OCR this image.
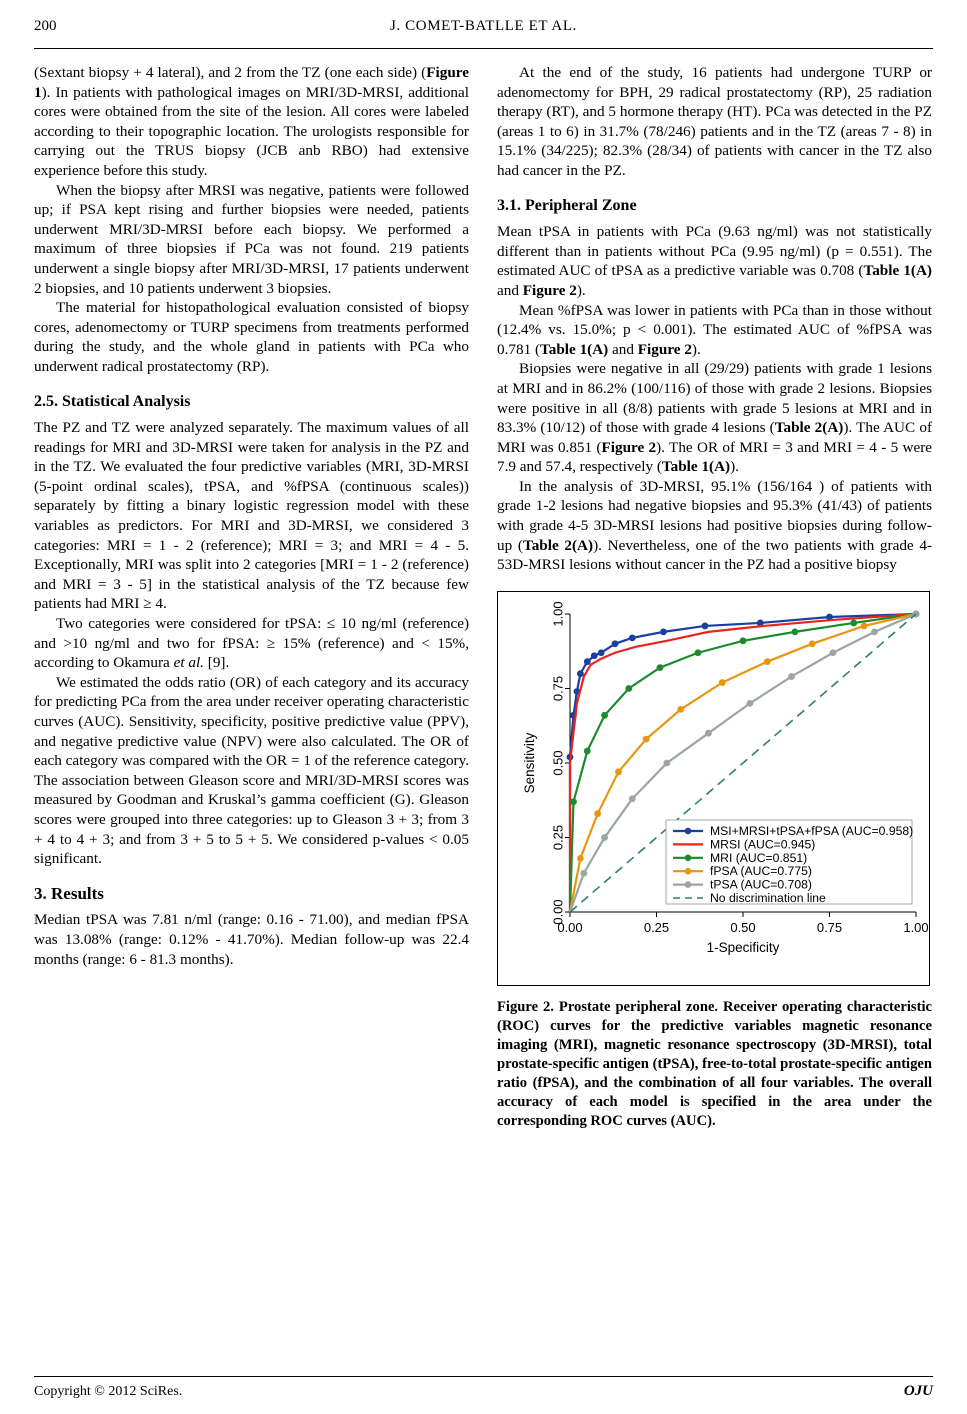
200	J. COMET-BATLLE ET AL.

(Sextant biopsy + 4 lateral), and 2 from the TZ (one each side) (Figure 1). In patients with pathological images on MRI/3D-MRSI, additional cores were obtained from the site of the lesion. All cores were labeled according to their topographic location. The urologists responsible for carrying out the TRUS biopsy (JCB anb RBO) had extensive experience before this study.

When the biopsy after MRSI was negative, patients were followed up; if PSA kept rising and further biopsies were needed, patients underwent MRI/3D-MRSI before each biopsy. We performed a maximum of three biopsies if PCa was not found. 219 patients underwent a single biopsy after MRI/3D-MRSI, 17 patients underwent 2 biopsies, and 10 patients underwent 3 biopsies.

The material for histopathological evaluation consisted of biopsy cores, adenomectomy or TURP specimens from treatments performed during the study, and the whole gland in patients with PCa who underwent radical prostatectomy (RP).

2.5. Statistical Analysis

The PZ and TZ were analyzed separately. The maximum values of all readings for MRI and 3D-MRSI were taken for analysis in the PZ and in the TZ. We evaluated the four predictive variables (MRI, 3D-MRSI (5-point ordinal scales), tPSA, and %fPSA (continuous scales)) separately by fitting a binary logistic regression model with these variables as predictors. For MRI and 3D-MRSI, we considered 3 categories: MRI = 1 - 2 (reference); MRI = 3; and MRI = 4 - 5. Exceptionally, MRI was split into 2 categories [MRI = 1 - 2 (reference) and MRI = 3 - 5] in the statistical analysis of the TZ because few patients had MRI ≥ 4.

Two categories were considered for tPSA: ≤ 10 ng/ml (reference) and >10 ng/ml and two for fPSA: ≥ 15% (reference) and < 15%, according to Okamura et al. [9].

We estimated the odds ratio (OR) of each category and its accuracy for predicting PCa from the area under receiver operating characteristic curves (AUC). Sensitivity, specificity, positive predictive value (PPV), and negative predictive value (NPV) were also calculated. The OR of each category was compared with the OR = 1 of the reference category. The association between Gleason score and MRI/3D-MRSI scores was measured by Goodman and Kruskal’s gamma coefficient (G). Gleason scores were grouped into three categories: up to Gleason 3 + 3; from 3 + 4 to 4 + 3; and from 3 + 5 to 5 + 5. We considered p-values < 0.05 significant.

3. Results

Median tPSA was 7.81 n/ml (range: 0.16 - 71.00), and median fPSA was 13.08% (range: 0.12% - 41.70%). Median follow-up was 22.4 months (range: 6 - 81.3 months).

At the end of the study, 16 patients had undergone TURP or adenomectomy for BPH, 29 radical prostatectomy (RP), 25 radiation therapy (RT), and 5 hormone therapy (HT). PCa was detected in the PZ (areas 1 to 6) in 31.7% (78/246) patients and in the TZ (areas 7 - 8) in 15.1% (34/225); 82.3% (28/34) of patients with cancer in the TZ also had cancer in the PZ.

3.1. Peripheral Zone

Mean tPSA in patients with PCa (9.63 ng/ml) was not statistically different than in patients without PCa (9.95 ng/ml) (p = 0.551). The estimated AUC of tPSA as a predictive variable was 0.708 (Table 1(A) and Figure 2).

Mean %fPSA was lower in patients with PCa than in those without (12.4% vs. 15.0%; p < 0.001). The estimated AUC of %fPSA was 0.781 (Table 1(A) and Figure 2).

Biopsies were negative in all (29/29) patients with grade 1 lesions at MRI and in 86.2% (100/116) of those with grade 2 lesions. Biopsies were positive in all (8/8) patients with grade 5 lesions at MRI and in 83.3% (10/12) of those with grade 4 lesions (Table 2(A)). The AUC of MRI was 0.851 (Figure 2). The OR of MRI = 3 and MRI = 4 - 5 were 7.9 and 57.4, respectively (Table 1(A)).

In the analysis of 3D-MRSI, 95.1% (156/164 ) of patients with grade 1-2 lesions had negative biopsies and 95.3% (41/43) of patients with grade 4-5 3D-MRSI lesions had positive biopsies during follow-up (Table 2(A)). Nevertheless, one of the two patients with grade 4-53D-MRSI lesions without cancer in the PZ had a positive biopsy

0.00	0.25	0.50	0.75	1.00
0.00
0.25
0.50
0.75
1.00
1-Specificity
Sensitivity
MSI+MRSI+tPSA+fPSA (AUC=0.958)
MRSI (AUC=0.945)
MRI (AUC=0.851)
fPSA (AUC=0.775)
tPSA (AUC=0.708)
No discrimination line
Figure 2. Prostate peripheral zone. Receiver operating characteristic (ROC) curves for the predictive variables magnetic resonance imaging (MRI), magnetic resonance spectroscopy (3D-MRSI), total prostate-specific antigen (tPSA), free-to-total prostate-specific antigen ratio (fPSA), and the combination of all four variables. The overall accuracy of each model is specified in the area under the corresponding ROC curves (AUC).
Copyright © 2012 SciRes.	OJU
